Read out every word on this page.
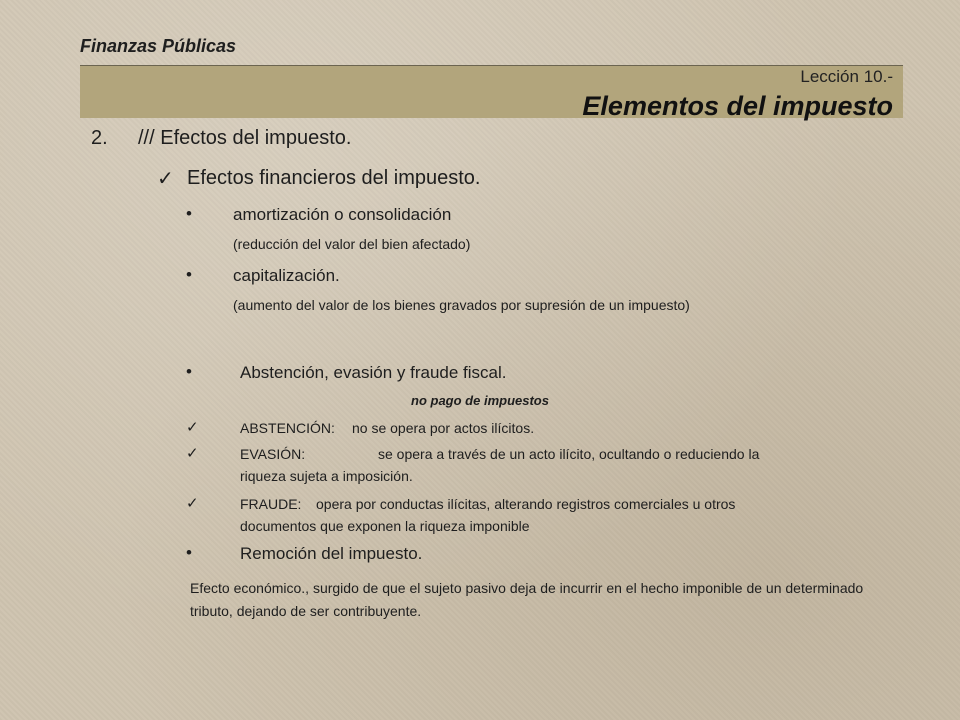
Finanzas Públicas
Lección 10.-
Elementos del impuesto
2. /// Efectos del impuesto.
✓ Efectos financieros del impuesto.
• amortización o consolidación
(reducción del valor del bien afectado)
• capitalización.
(aumento del valor de los bienes gravados por supresión de un impuesto)
•	Abstención, evasión y fraude fiscal.
no pago de impuestos
✓	ABSTENCIÓN: no se opera por actos ilícitos.
✓	EVASIÓN:	se opera a través de un acto ilícito, ocultando o reduciendo la
riqueza sujeta a imposición.
✓	FRAUDE: opera por conductas ilícitas, alterando registros comerciales u otros
documentos que exponen la riqueza imponible
•	Remoción del impuesto.
Efecto económico., surgido de que el sujeto pasivo deja de incurrir en el hecho imponible de un determinado tributo, dejando de ser contribuyente.
